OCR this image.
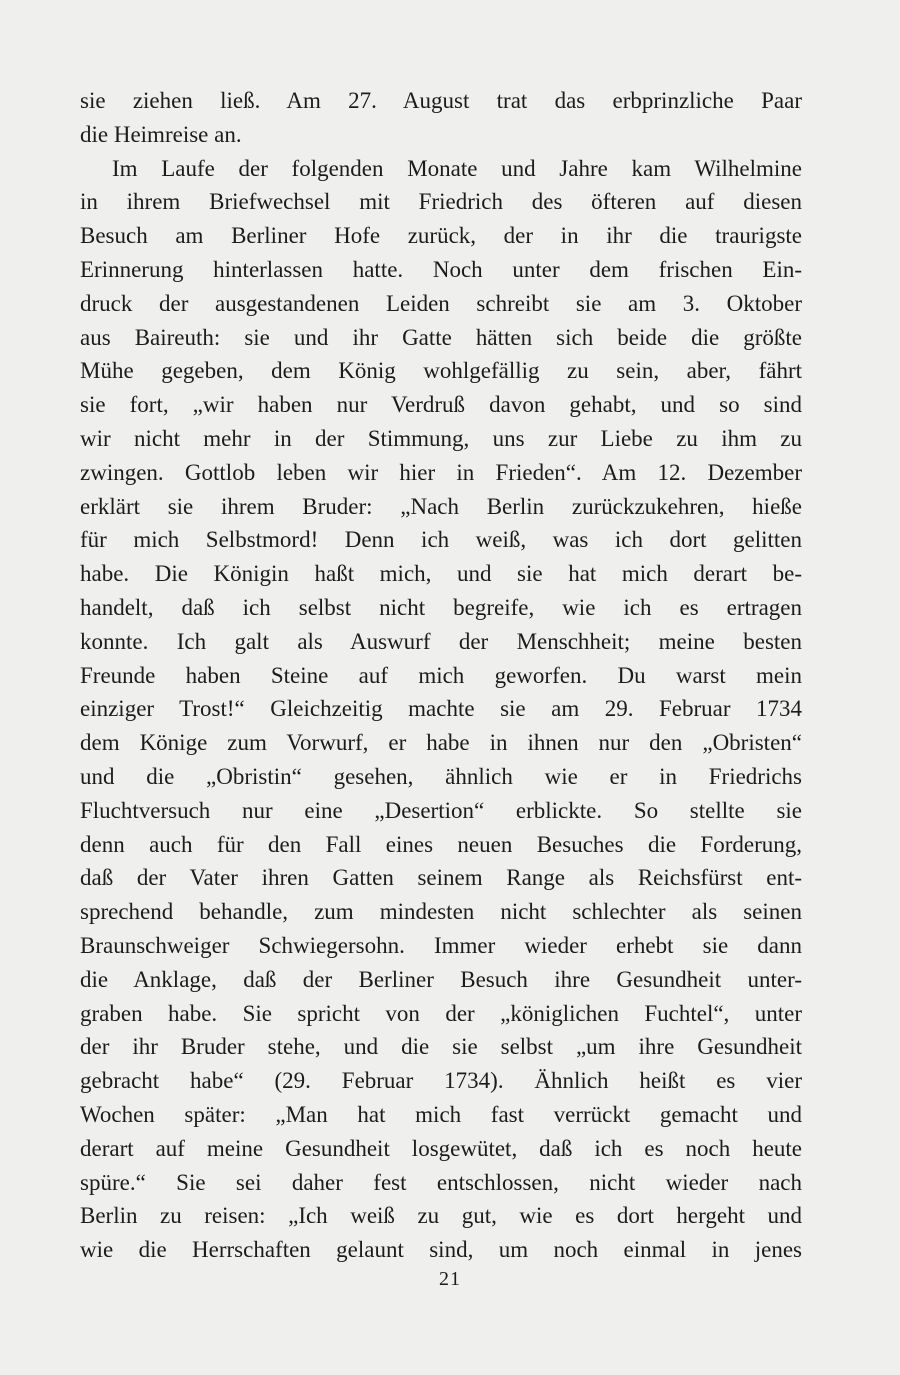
sie ziehen ließ. Am 27. August trat das erbprinzliche Paar
die Heimreise an.
Im Laufe der folgenden Monate und Jahre kam Wilhelmine
in ihrem Briefwechsel mit Friedrich des öfteren auf diesen
Besuch am Berliner Hofe zurück, der in ihr die traurigste
Erinnerung hinterlassen hatte. Noch unter dem frischen Ein-
druck der ausgestandenen Leiden schreibt sie am 3. Oktober
aus Baireuth: sie und ihr Gatte hätten sich beide die größte
Mühe gegeben, dem König wohlgefällig zu sein, aber, fährt
sie fort, „wir haben nur Verdruß davon gehabt, und so sind
wir nicht mehr in der Stimmung, uns zur Liebe zu ihm zu
zwingen. Gottlob leben wir hier in Frieden“. Am 12. Dezember
erklärt sie ihrem Bruder: „Nach Berlin zurückzukehren, hieße
für mich Selbstmord! Denn ich weiß, was ich dort gelitten
habe. Die Königin haßt mich, und sie hat mich derart be-
handelt, daß ich selbst nicht begreife, wie ich es ertragen
konnte. Ich galt als Auswurf der Menschheit; meine besten
Freunde haben Steine auf mich geworfen. Du warst mein
einziger Trost!“ Gleichzeitig machte sie am 29. Februar 1734
dem Könige zum Vorwurf, er habe in ihnen nur den „Obristen“
und die „Obristin“ gesehen, ähnlich wie er in Friedrichs
Fluchtversuch nur eine „Desertion“ erblickte. So stellte sie
denn auch für den Fall eines neuen Besuches die Forderung,
daß der Vater ihren Gatten seinem Range als Reichsfürst ent-
sprechend behandle, zum mindesten nicht schlechter als seinen
Braunschweiger Schwiegersohn. Immer wieder erhebt sie dann
die Anklage, daß der Berliner Besuch ihre Gesundheit unter-
graben habe. Sie spricht von der „königlichen Fuchtel“, unter
der ihr Bruder stehe, und die sie selbst „um ihre Gesundheit
gebracht habe“ (29. Februar 1734). Ähnlich heißt es vier
Wochen später: „Man hat mich fast verrückt gemacht und
derart auf meine Gesundheit losgewütet, daß ich es noch heute
spüre.“ Sie sei daher fest entschlossen, nicht wieder nach
Berlin zu reisen: „Ich weiß zu gut, wie es dort hergeht und
wie die Herrschaften gelaunt sind, um noch einmal in jenes
21
